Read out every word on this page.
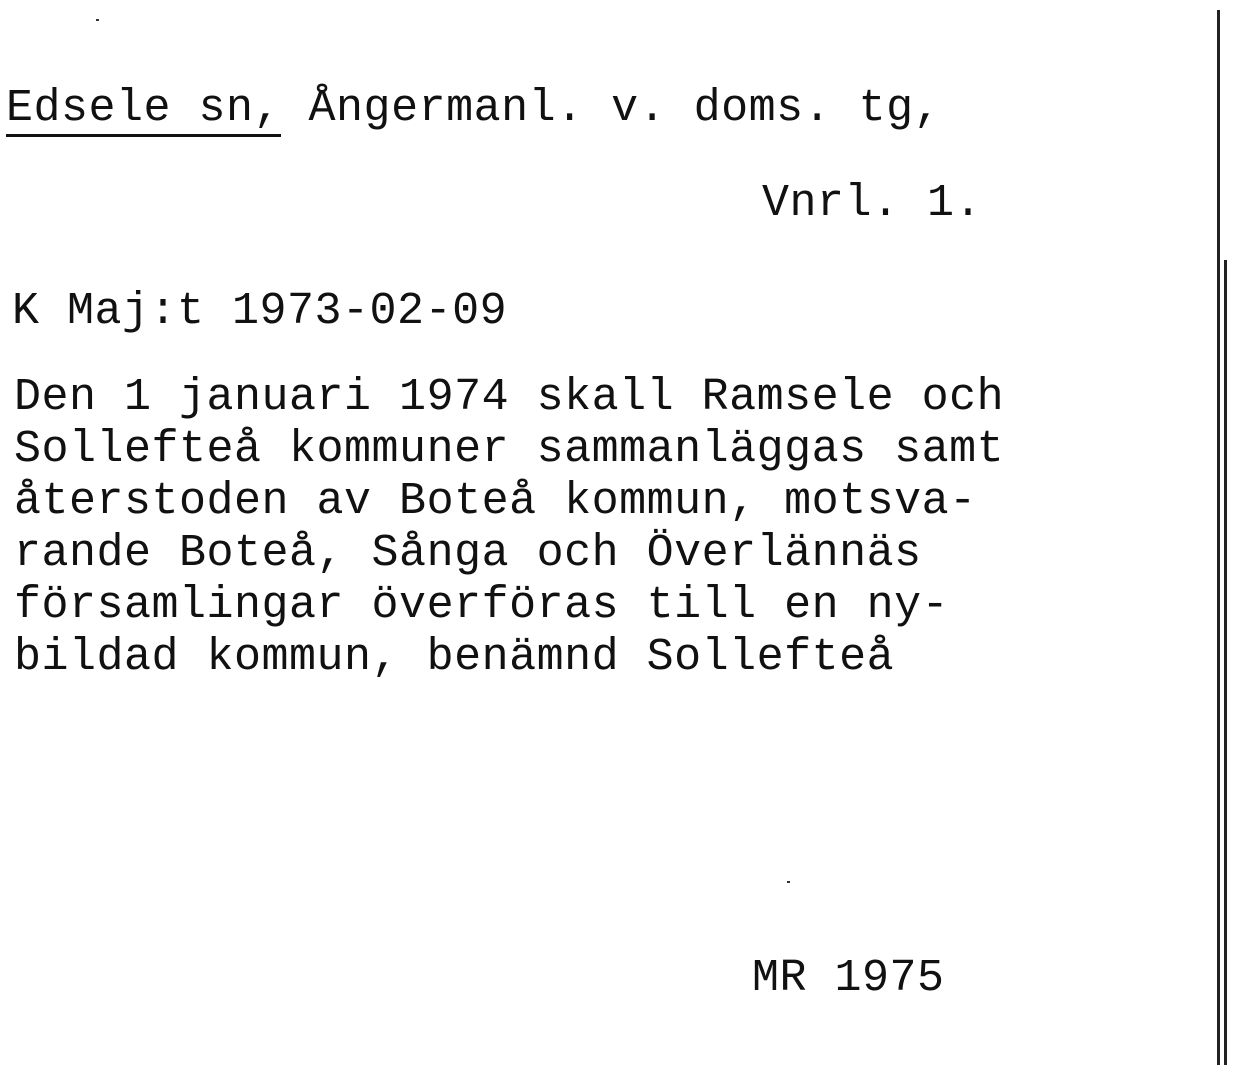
Edsele sn, Ångermanl. v. doms. tg,
Vnrl. 1.
K Maj:t 1973-02-09
Den 1 januari 1974 skall Ramsele och
Sollefteå kommuner sammanläggas samt
återstoden av Boteå kommun, motsva-
rande Boteå, Sånga och Överlännäs
församlingar överföras till en ny-
bildad kommun, benämnd Sollefteå
MR 1975
